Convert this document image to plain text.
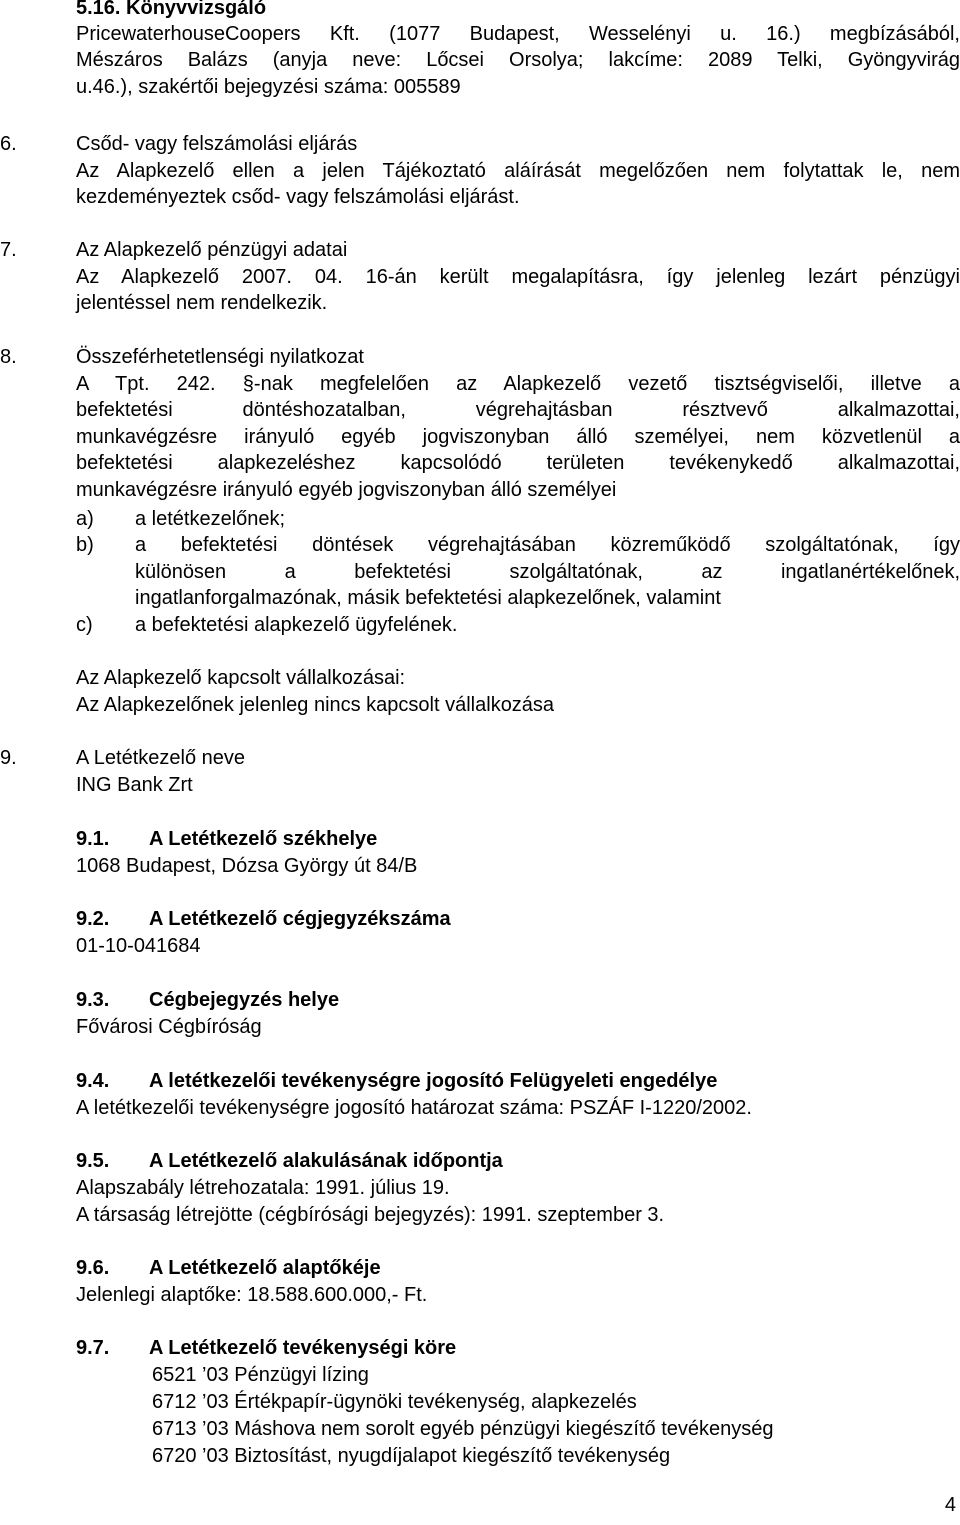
5.16. Könyvvizsgáló
PricewaterhouseCoopers Kft. (1077 Budapest, Wesselényi u. 16.) megbízásából,
Mészáros Balázs (anyja neve: Lőcsei Orsolya; lakcíme: 2089 Telki, Gyöngyvirág
u.46.), szakértői bejegyzési száma: 005589
6.	Csőd- vagy felszámolási eljárás
Az Alapkezelő ellen a jelen Tájékoztató aláírását megelőzően nem folytattak le, nem
kezdeményeztek csőd- vagy felszámolási eljárást.
7.	Az Alapkezelő pénzügyi adatai
Az Alapkezelő 2007. 04. 16-án került megalapításra, így jelenleg lezárt pénzügyi
jelentéssel nem rendelkezik.
8.	Összeférhetetlenségi nyilatkozat
A Tpt. 242. §-nak megfelelően az Alapkezelő vezető tisztségviselői, illetve a
befektetési döntéshozatalban, végrehajtásban résztvevő alkalmazottai,
munkavégzésre irányuló egyéb jogviszonyban álló személyei, nem közvetlenül a
befektetési alapkezeléshez kapcsolódó területen tevékenykedő alkalmazottai,
munkavégzésre irányuló egyéb jogviszonyban álló személyei
a) a letétkezelőnek;
b) a befektetési döntések végrehajtásában közreműködő szolgáltatónak, így
különösen a befektetési szolgáltatónak, az ingatlanértékelőnek,
ingatlanforgalmazónak, másik befektetési alapkezelőnek, valamint
c) a befektetési alapkezelő ügyfelének.
Az Alapkezelő kapcsolt vállalkozásai:
Az Alapkezelőnek jelenleg nincs kapcsolt vállalkozása
9.	A Letétkezelő neve
ING Bank Zrt
9.1. A Letétkezelő székhelye
1068 Budapest, Dózsa György út 84/B
9.2. A Letétkezelő cégjegyzékszáma
01-10-041684
9.3. Cégbejegyzés helye
Fővárosi Cégbíróság
9.4. A letétkezelői tevékenységre jogosító Felügyeleti engedélye
A letétkezelői tevékenységre jogosító határozat száma: PSZÁF I-1220/2002.
9.5. A Letétkezelő alakulásának időpontja
Alapszabály létrehozatala: 1991. július 19.
A társaság létrejötte (cégbírósági bejegyzés): 1991. szeptember 3.
9.6. A Letétkezelő alaptőkéje
Jelenlegi alaptőke: 18.588.600.000,- Ft.
9.7. A Letétkezelő tevékenységi köre
6521 ’03 Pénzügyi lízing
6712 ’03 Értékpapír-ügynöki tevékenység, alapkezelés
6713 ’03 Máshova nem sorolt egyéb pénzügyi kiegészítő tevékenység
6720 ’03 Biztosítást, nyugdíjalapot kiegészítő tevékenység
4
